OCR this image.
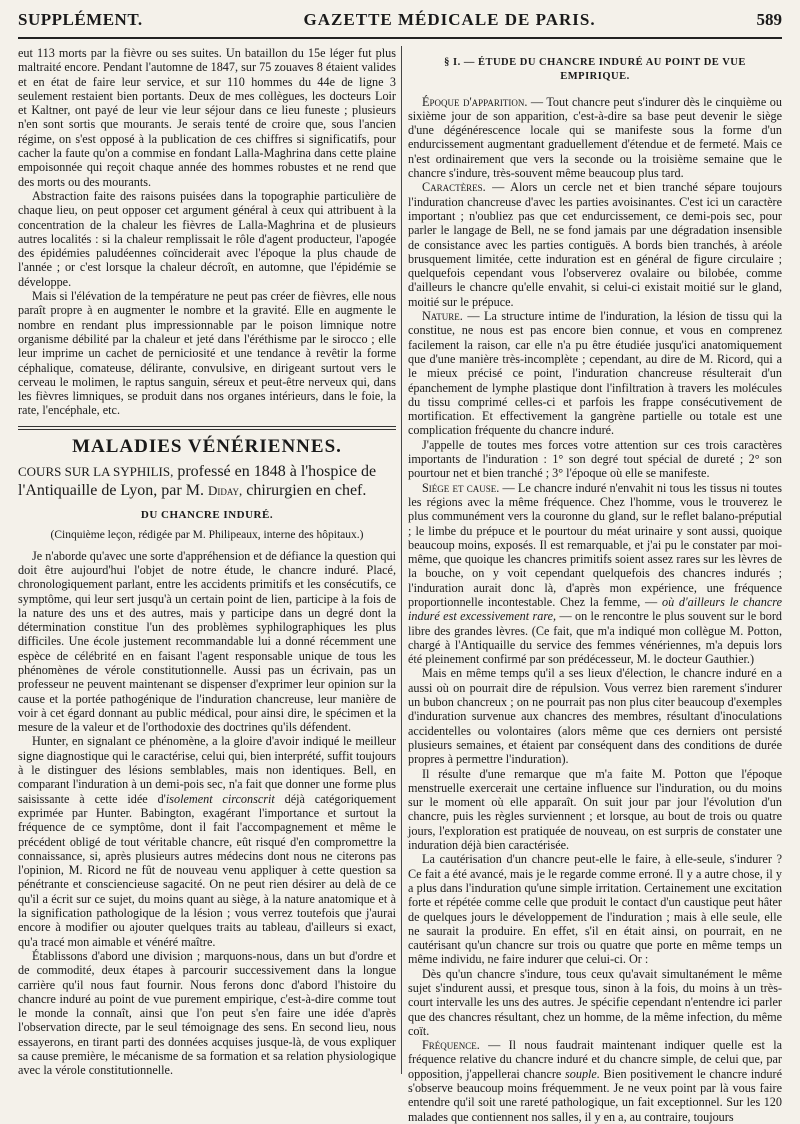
SUPPLÉMENT.	GAZETTE MÉDICALE DE PARIS.	589

eut 113 morts par la fièvre ou ses suites. Un bataillon du 15e léger fut plus maltraité encore. Pendant l'automne de 1847, sur 75 zouaves 8 étaient valides et en état de faire leur service, et sur 110 hommes du 44e de ligne 3 seulement restaient bien portants. Deux de mes collègues, les docteurs Loir et Kaltner, ont payé de leur vie leur séjour dans ce lieu funeste ; plusieurs n'en sont sortis que mourants. Je serais tenté de croire que, sous l'ancien régime, on s'est opposé à la publication de ces chiffres si significatifs, pour cacher la faute qu'on a commise en fondant Lalla-Maghrina dans cette plaine empoisonnée qui reçoit chaque année des hommes robustes et ne rend que des morts ou des mourants.

Abstraction faite des raisons puisées dans la topographie particulière de chaque lieu, on peut opposer cet argument général à ceux qui attribuent à la concentration de la chaleur les fièvres de Lalla-Maghrina et de plusieurs autres localités : si la chaleur remplissait le rôle d'agent producteur, l'apogée des épidémies paludéennes coïnciderait avec l'époque la plus chaude de l'année ; or c'est lorsque la chaleur décroît, en automne, que l'épidémie se développe.

Mais si l'élévation de la température ne peut pas créer de fièvres, elle nous paraît propre à en augmenter le nombre et la gravité. Elle en augmente le nombre en rendant plus impressionnable par le poison limnique notre organisme débilité par la chaleur et jeté dans l'éréthisme par le sirocco ; elle leur imprime un cachet de perniciosité et une tendance à revêtir la forme céphalique, comateuse, délirante, convulsive, en dirigeant surtout vers le cerveau le molimen, le raptus sanguin, séreux et peut-être nerveux qui, dans les fièvres limniques, se produit dans nos organes intérieurs, dans le foie, la rate, l'encéphale, etc.

MALADIES VÉNÉRIENNES.

COURS SUR LA SYPHILIS, professé en 1848 à l'hospice de l'Antiquaille de Lyon, par M. Diday, chirurgien en chef.

DU CHANCRE INDURÉ.

(Cinquième leçon, rédigée par M. Philipeaux, interne des hôpitaux.)

Je n'aborde qu'avec une sorte d'appréhension et de défiance la question qui doit être aujourd'hui l'objet de notre étude, le chancre induré. Placé, chronologiquement parlant, entre les accidents primitifs et les consécutifs, ce symptôme, qui leur sert jusqu'à un certain point de lien, participe à la fois de la nature des uns et des autres, mais y participe dans un degré dont la détermination constitue l'un des problèmes syphilographiques les plus difficiles. Une école justement recommandable lui a donné récemment une espèce de célébrité en en faisant l'agent responsable unique de tous les phénomènes de vérole constitutionnelle. Aussi pas un écrivain, pas un professeur ne peuvent maintenant se dispenser d'exprimer leur opinion sur la cause et la portée pathogénique de l'induration chancreuse, leur manière de voir à cet égard donnant au public médical, pour ainsi dire, le spécimen et la mesure de la valeur et de l'orthodoxie des doctrines qu'ils défendent.

Hunter, en signalant ce phénomène, a la gloire d'avoir indiqué le meilleur signe diagnostique qui le caractérise, celui qui, bien interprété, suffit toujours à le distinguer des lésions semblables, mais non identiques. Bell, en comparant l'induration à un demi-pois sec, n'a fait que donner une forme plus saisissante à cette idée d'isolement circonscrit déjà catégoriquement exprimée par Hunter. Babington, exagérant l'importance et surtout la fréquence de ce symptôme, dont il fait l'accompagnement et même le précédent obligé de tout véritable chancre, eût risqué d'en compromettre la connaissance, si, après plusieurs autres médecins dont nous ne citerons pas l'opinion, M. Ricord ne fût de nouveau venu appliquer à cette question sa pénétrante et consciencieuse sagacité. On ne peut rien désirer au delà de ce qu'il a écrit sur ce sujet, du moins quant au siège, à la nature anatomique et à la signification pathologique de la lésion ; vous verrez toutefois que j'aurai encore à modifier ou ajouter quelques traits au tableau, d'ailleurs si exact, qu'a tracé mon aimable et vénéré maître.

Établissons d'abord une division ; marquons-nous, dans un but d'ordre et de commodité, deux étapes à parcourir successivement dans la longue carrière qu'il nous faut fournir. Nous ferons donc d'abord l'histoire du chancre induré au point de vue purement empirique, c'est-à-dire comme tout le monde la connaît, ainsi que l'on peut s'en faire une idée d'après l'observation directe, par le seul témoignage des sens. En second lieu, nous essayerons, en tirant parti des données acquises jusque-là, de vous expliquer sa cause première, le mécanisme de sa formation et sa relation physiologique avec la vérole constitutionnelle.

§ I. — ÉTUDE DU CHANCRE INDURÉ AU POINT DE VUE EMPIRIQUE.

Époque d'apparition. — Tout chancre peut s'indurer dès le cinquième ou sixième jour de son apparition, c'est-à-dire sa base peut devenir le siège d'une dégénérescence locale qui se manifeste sous la forme d'un endurcissement augmentant graduellement d'étendue et de fermeté. Mais ce n'est ordinairement que vers la seconde ou la troisième semaine que le chancre s'indure, très-souvent même beaucoup plus tard.

Caractères. — Alors un cercle net et bien tranché sépare toujours l'induration chancreuse d'avec les parties avoisinantes. C'est ici un caractère important ; n'oubliez pas que cet endurcissement, ce demi-pois sec, pour parler le langage de Bell, ne se fond jamais par une dégradation insensible de consistance avec les parties contiguës. A bords bien tranchés, à aréole brusquement limitée, cette induration est en général de figure circulaire ; quelquefois cependant vous l'observerez ovalaire ou bilobée, comme d'ailleurs le chancre qu'elle envahit, si celui-ci existait moitié sur le gland, moitié sur le prépuce.

Nature. — La structure intime de l'induration, la lésion de tissu qui la constitue, ne nous est pas encore bien connue, et vous en comprenez facilement la raison, car elle n'a pu être étudiée jusqu'ici anatomiquement que d'une manière très-incomplète ; cependant, au dire de M. Ricord, qui a le mieux précisé ce point, l'induration chancreuse résulterait d'un épanchement de lymphe plastique dont l'infiltration à travers les molécules du tissu comprimé celles-ci et parfois les frappe consécutivement de mortification. Et effectivement la gangrène partielle ou totale est une complication fréquente du chancre induré.

J'appelle de toutes mes forces votre attention sur ces trois caractères importants de l'induration : 1° son degré tout spécial de dureté ; 2° son pourtour net et bien tranché ; 3° l'époque où elle se manifeste.

Siége et cause. — Le chancre induré n'envahit ni tous les tissus ni toutes les régions avec la même fréquence. Chez l'homme, vous le trouverez le plus communément vers la couronne du gland, sur le reflet balano-préputial ; le limbe du prépuce et le pourtour du méat urinaire y sont aussi, quoique beaucoup moins, exposés. Il est remarquable, et j'ai pu le constater par moi-même, que quoique les chancres primitifs soient assez rares sur les lèvres de la bouche, on y voit cependant quelquefois des chancres indurés ; l'induration aurait donc là, d'après mon expérience, une fréquence proportionnelle incontestable. Chez la femme, — où d'ailleurs le chancre induré est excessivement rare, — on le rencontre le plus souvent sur le bord libre des grandes lèvres. (Ce fait, que m'a indiqué mon collègue M. Potton, chargé à l'Antiquaille du service des femmes vénériennes, m'a depuis lors été pleinement confirmé par son prédécesseur, M. le docteur Gauthier.)

Mais en même temps qu'il a ses lieux d'élection, le chancre induré en a aussi où on pourrait dire de répulsion. Vous verrez bien rarement s'indurer un bubon chancreux ; on ne pourrait pas non plus citer beaucoup d'exemples d'induration survenue aux chancres des membres, résultant d'inoculations accidentelles ou volontaires (alors même que ces derniers ont persisté plusieurs semaines, et étaient par conséquent dans des conditions de durée propres à permettre l'induration).

Il résulte d'une remarque que m'a faite M. Potton que l'époque menstruelle exercerait une certaine influence sur l'induration, ou du moins sur le moment où elle apparaît. On suit jour par jour l'évolution d'un chancre, puis les règles surviennent ; et lorsque, au bout de trois ou quatre jours, l'exploration est pratiquée de nouveau, on est surpris de constater une induration déjà bien caractérisée.

La cautérisation d'un chancre peut-elle le faire, à elle-seule, s'indurer ? Ce fait a été avancé, mais je le regarde comme erroné. Il y a autre chose, il y a plus dans l'induration qu'une simple irritation. Certainement une excitation forte et répétée comme celle que produit le contact d'un caustique peut hâter de quelques jours le développement de l'induration ; mais à elle seule, elle ne saurait la produire. En effet, s'il en était ainsi, on pourrait, en ne cautérisant qu'un chancre sur trois ou quatre que porte en même temps un même individu, ne faire indurer que celui-ci. Or :

Dès qu'un chancre s'indure, tous ceux qu'avait simultanément le même sujet s'indurent aussi, et presque tous, sinon à la fois, du moins à un très-court intervalle les uns des autres. Je spécifie cependant n'entendre ici parler que des chancres résultant, chez un homme, de la même infection, du même coït.

Fréquence. — Il nous faudrait maintenant indiquer quelle est la fréquence relative du chancre induré et du chancre simple, de celui que, par opposition, j'appellerai chancre souple. Bien positivement le chancre induré s'observe beaucoup moins fréquemment. Je ne veux point par là vous faire entendre qu'il soit une rareté pathologique, un fait exceptionnel. Sur les 120 malades que contiennent nos salles, il y en a, au contraire, toujours
